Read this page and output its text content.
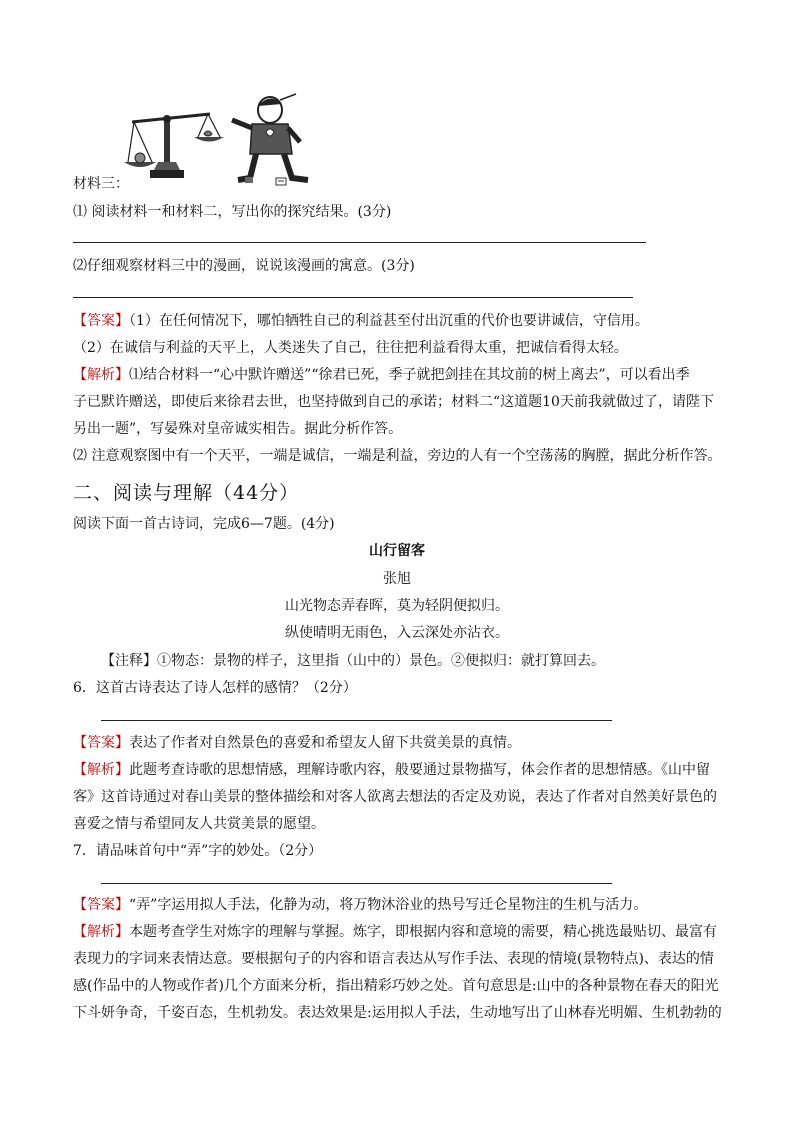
材料三：
⑴ 阅读材料一和材料二，写出你的探究结果。(3分)
⑵仔细观察材料三中的漫画，说说该漫画的寓意。(3分)
【答案】（1）在任何情况下，哪怕牺牲自己的利益甚至付出沉重的代价也要讲诚信，守信用。
（2）在诚信与利益的天平上，人类迷失了自己，往往把利益看得太重，把诚信看得太轻。
【解析】⑴结合材料一“心中默许赠送”“徐君已死，季子就把剑挂在其坟前的树上离去”，可以看出季
子已默许赠送，即使后来徐君去世，也坚持做到自己的承诺；材料二“这道题10天前我就做过了，请陛下
另出一题”，写晏殊对皇帝诚实相告。据此分析作答。
⑵ 注意观察图中有一个天平，一端是诚信，一端是利益，旁边的人有一个空荡荡的胸膛，据此分析作答。
二、阅读与理解（44分）
阅读下面一首古诗词，完成6—7题。(4分)
山行留客
张旭
山光物态弄春晖，莫为轻阴便拟归。
纵使晴明无雨色，入云深处亦沾衣。
【注释】①物态：景物的样子，这里指（山中的）景色。②便拟归：就打算回去。
6．这首古诗表达了诗人怎样的感情？（2分）
【答案】表达了作者对自然景色的喜爱和希望友人留下共赏美景的真情。
【解析】此题考查诗歌的思想情感，理解诗歌内容，般要通过景物描写，体会作者的思想情感。《山中留
客》这首诗通过对春山美景的整体描绘和对客人欲离去想法的否定及劝说，表达了作者对自然美好景色的
喜爱之情与希望同友人共赏美景的愿望。
7．请品味首句中“弄”字的妙处。（2分）
【答案】“弄”字运用拟人手法，化静为动，将万物沐浴业的热号写迁仑星物注的生机与活力。
【解析】本题考查学生对炼字的理解与掌握。炼字，即根据内容和意境的需要，精心挑选最贴切、最富有
表现力的字词来表情达意。要根据句子的内容和语言表达从写作手法、表现的情境(景物特点)、表达的情
感(作品中的人物或作者)几个方面来分析，指出精彩巧妙之处。首句意思是:山中的各种景物在春天的阳光
下斗妍争奇，千姿百态，生机勃发。表达效果是:运用拟人手法，生动地写出了山林春光明媚、生机勃勃的
